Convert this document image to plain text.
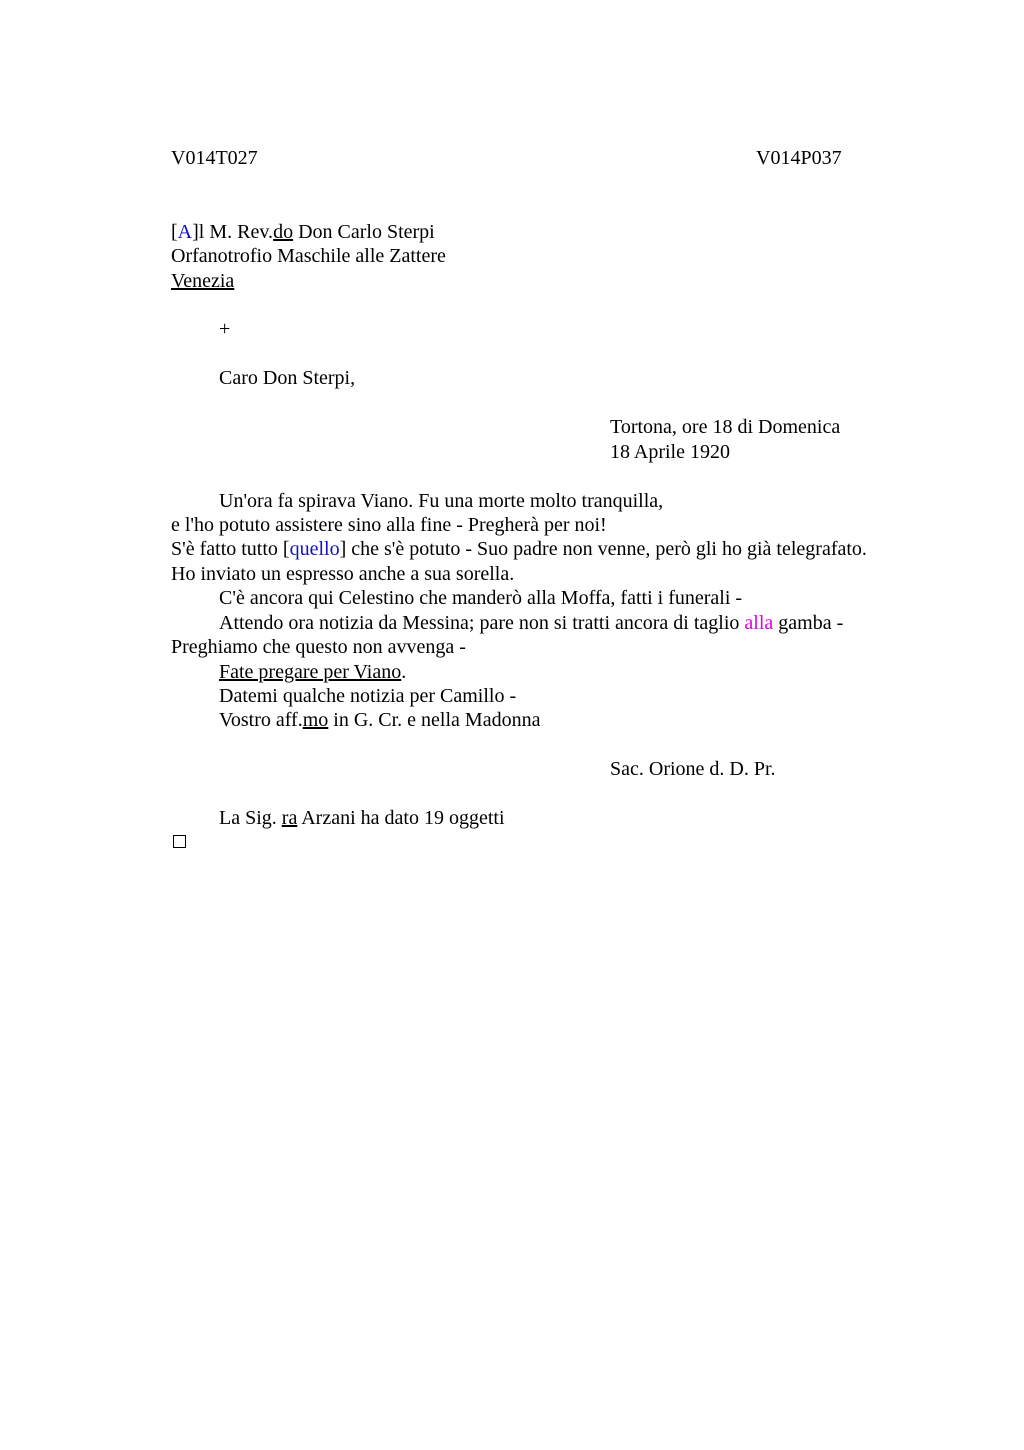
V014T027	V014P037
[A]l M. Rev.do Don Carlo Sterpi
Orfanotrofio Maschile alle Zattere
Venezia
+
Caro Don Sterpi,
Tortona, ore 18 di Domenica
18 Aprile 1920
Un'ora fa spirava Viano. Fu una morte molto tranquilla,
e l'ho potuto assistere sino alla fine - Pregherà per noi!
S'è fatto tutto [quello] che s'è potuto - Suo padre non venne, però gli ho già telegrafato.
Ho inviato un espresso anche a sua sorella.
C'è ancora qui Celestino che manderò alla Moffa, fatti i funerali -
Attendo ora notizia da Messina; pare non si tratti ancora di taglio alla gamba -
Preghiamo che questo non avvenga -
Fate pregare per Viano.
Datemi qualche notizia per Camillo -
Vostro aff.mo in G. Cr. e nella Madonna
Sac. Orione d. D. Pr.
La Sig. ra Arzani ha dato 19 oggetti
